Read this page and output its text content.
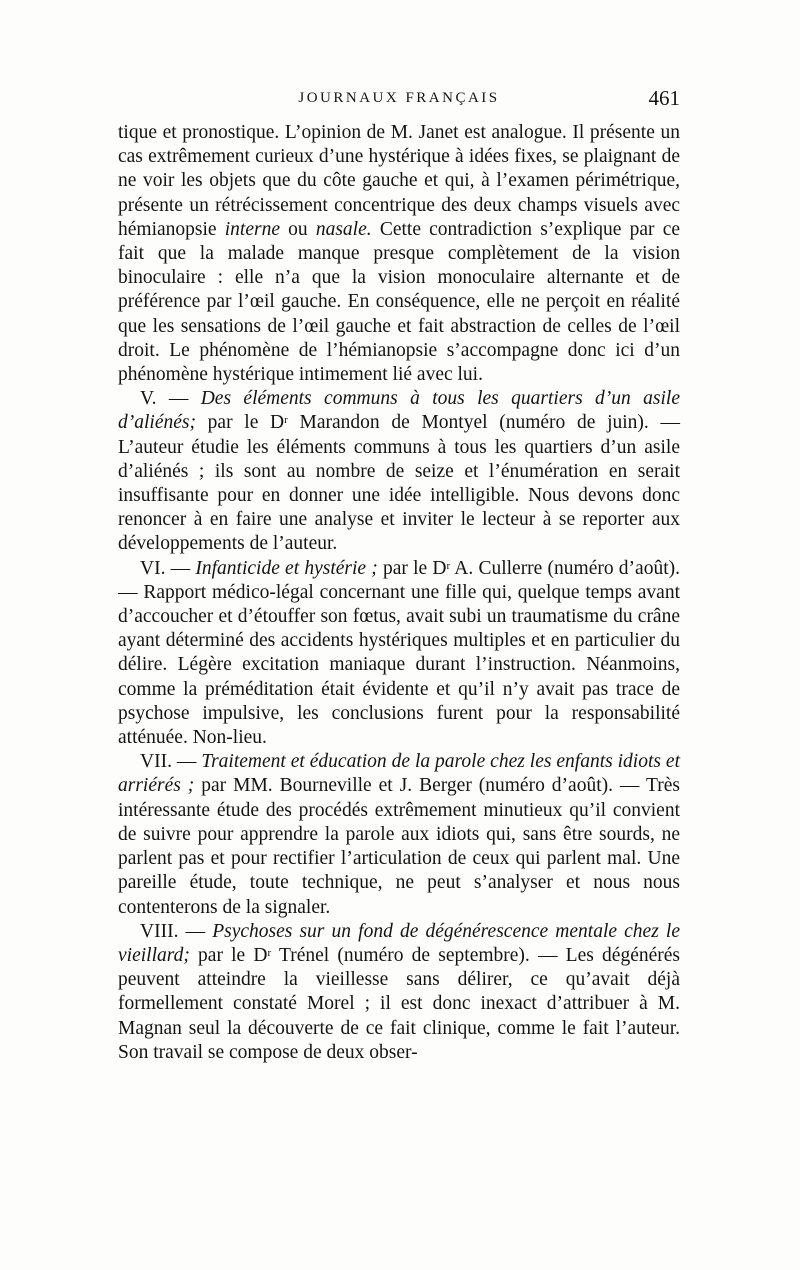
JOURNAUX FRANÇAIS	461

tique et pronostique. L’opinion de M. Janet est analogue. Il présente un cas extrêmement curieux d’une hystérique à idées fixes, se plaignant de ne voir les objets que du côte gauche et qui, à l’examen périmétrique, présente un rétrécissement concentrique des deux champs visuels avec hémianopsie interne ou nasale. Cette contradiction s’explique par ce fait que la malade manque presque complètement de la vision binoculaire : elle n’a que la vision monoculaire alternante et de préférence par l’œil gauche. En conséquence, elle ne perçoit en réalité que les sensations de l’œil gauche et fait abstraction de celles de l’œil droit. Le phénomène de l’hémianopsie s’accompagne donc ici d’un phénomène hystérique intimement lié avec lui.

V. — Des éléments communs à tous les quartiers d’un asile d’aliénés; par le $D^r$ Marandon de Montyel (numéro de juin). — L’auteur étudie les éléments communs à tous les quartiers d’un asile d’aliénés ; ils sont au nombre de seize et l’énumération en serait insuffisante pour en donner une idée intelligible. Nous devons donc renoncer à en faire une analyse et inviter le lecteur à se reporter aux développements de l’auteur.

VI. — Infanticide et hystérie ; par le $D^r$ A. Cullerre (numéro d’août). — Rapport médico-légal concernant une fille qui, quelque temps avant d’accoucher et d’étouffer son fœtus, avait subi un traumatisme du crâne ayant déterminé des accidents hystériques multiples et en particulier du délire. Légère excitation maniaque durant l’instruction. Néanmoins, comme la préméditation était évidente et qu’il n’y avait pas trace de psychose impulsive, les conclusions furent pour la responsabilité atténuée. Non-lieu.

VII. — Traitement et éducation de la parole chez les enfants idiots et arriérés ; par MM. Bourneville et J. Berger (numéro d’août). — Très intéressante étude des procédés extrêmement minutieux qu’il convient de suivre pour apprendre la parole aux idiots qui, sans être sourds, ne parlent pas et pour rectifier l’articulation de ceux qui parlent mal. Une pareille étude, toute technique, ne peut s’analyser et nous nous contenterons de la signaler.

VIII. — Psychoses sur un fond de dégénérescence mentale chez le vieillard; par le $D^r$ Trénel (numéro de septembre). — Les dégénérés peuvent atteindre la vieillesse sans délirer, ce qu’avait déjà formellement constaté Morel ; il est donc inexact d’attribuer à M. Magnan seul la découverte de ce fait clinique, comme le fait l’auteur. Son travail se compose de deux obser-
